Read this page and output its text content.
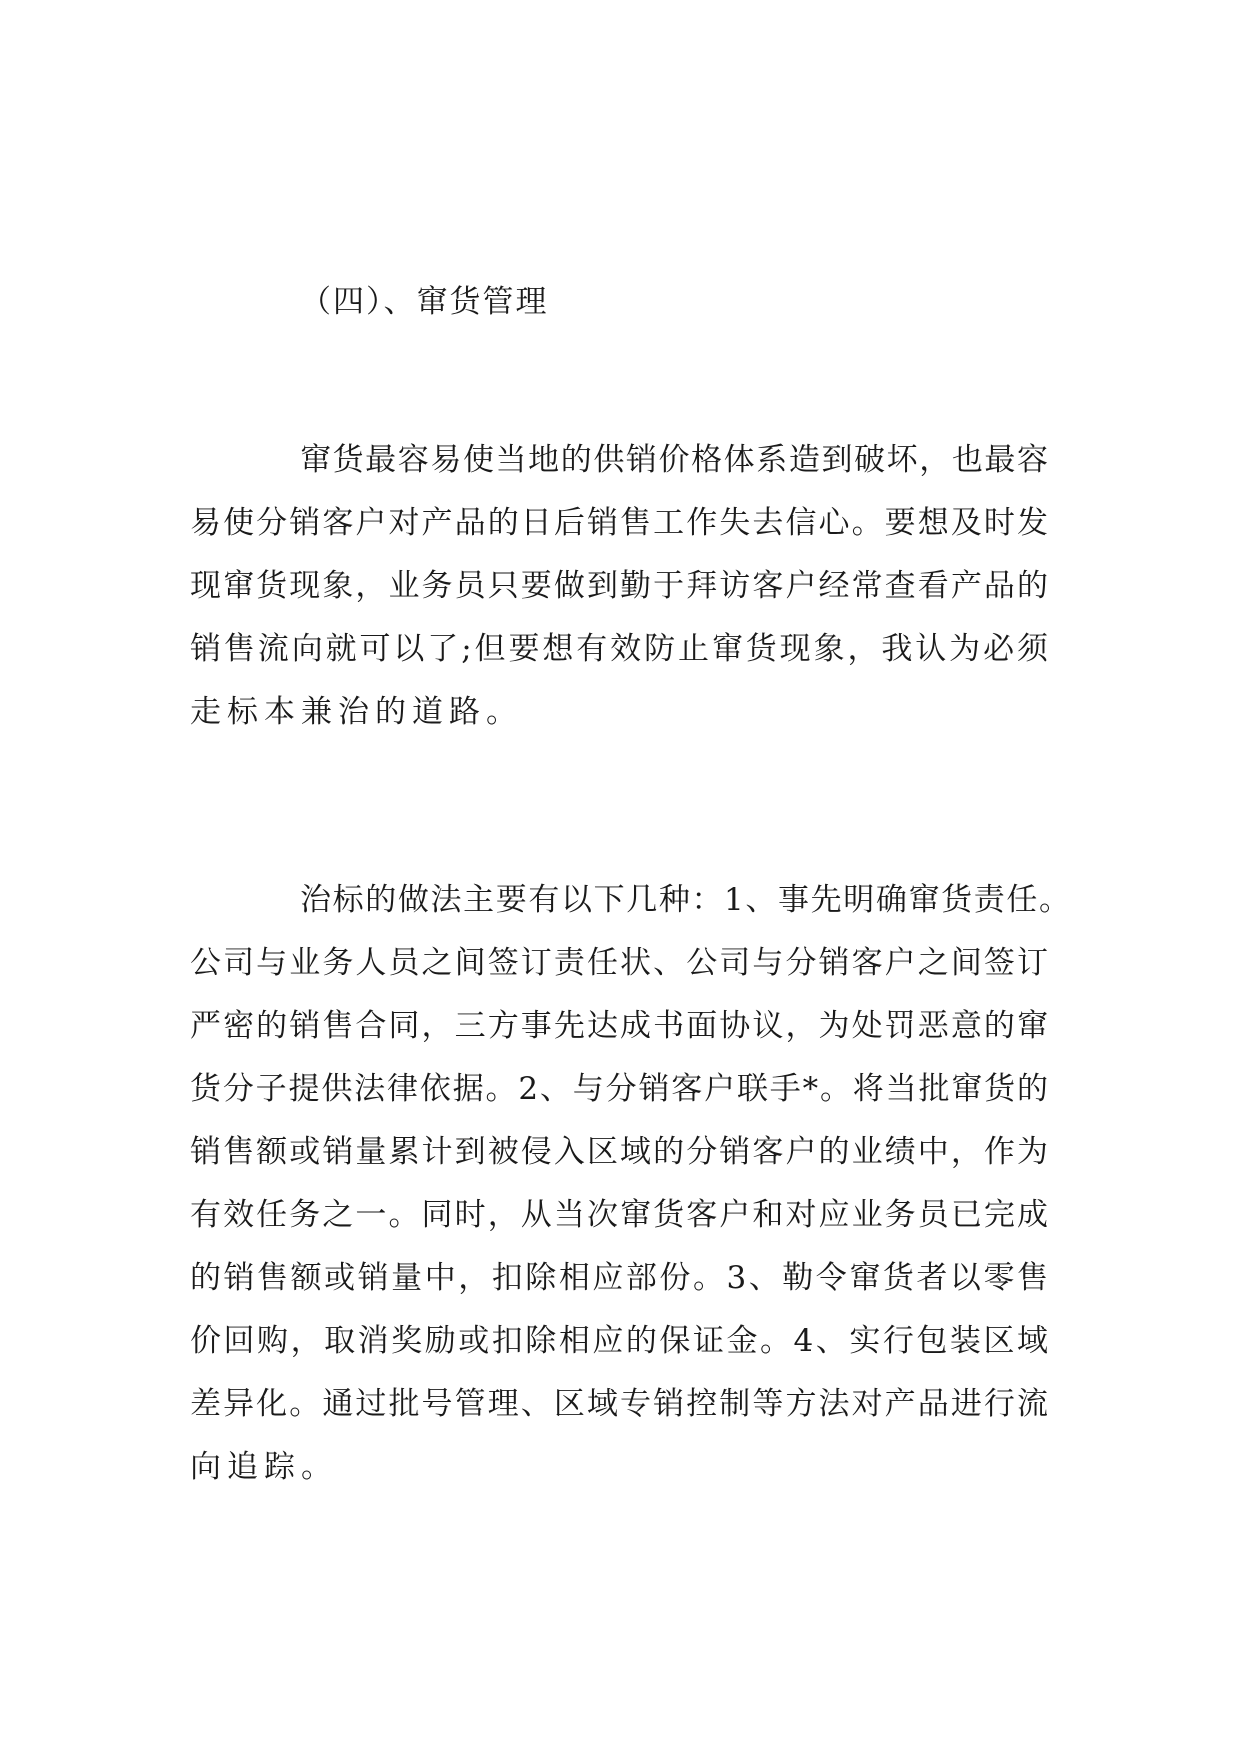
（四）、窜货管理
窜货最容易使当地的供销价格体系造到破坏，也最容
易使分销客户对产品的日后销售工作失去信心。要想及时发
现窜货现象，业务员只要做到勤于拜访客户经常查看产品的
销售流向就可以了;但要想有效防止窜货现象，我认为必须
走标本兼治的道路。
治标的做法主要有以下几种：1、事先明确窜货责任。
公司与业务人员之间签订责任状、公司与分销客户之间签订
严密的销售合同，三方事先达成书面协议，为处罚恶意的窜
货分子提供法律依据。2、与分销客户联手*。将当批窜货的
销售额或销量累计到被侵入区域的分销客户的业绩中，作为
有效任务之一。同时，从当次窜货客户和对应业务员已完成
的销售额或销量中，扣除相应部份。3、勒令窜货者以零售
价回购，取消奖励或扣除相应的保证金。4、实行包装区域
差异化。通过批号管理、区域专销控制等方法对产品进行流
向追踪。
